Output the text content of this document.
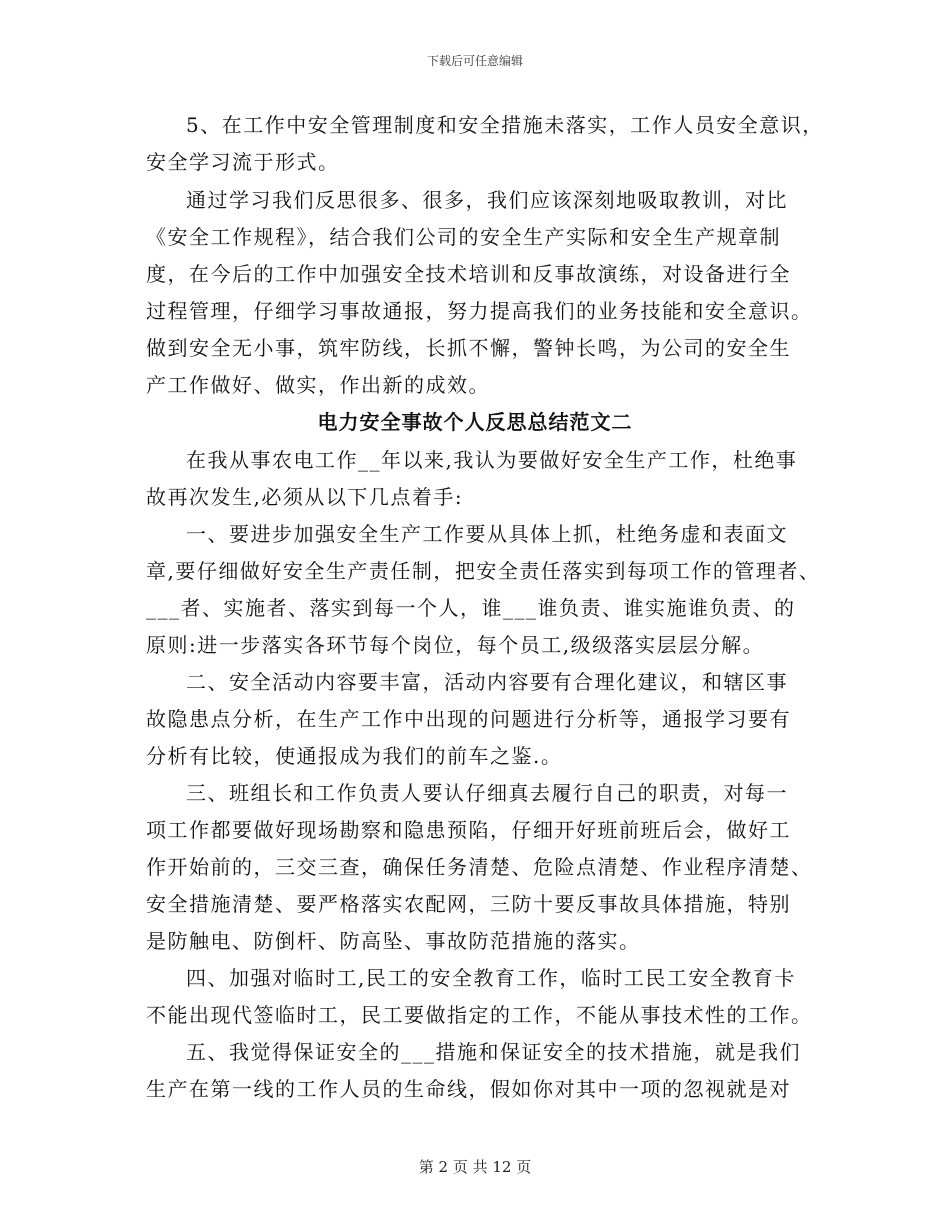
下载后可任意编辑
5、在工作中安全管理制度和安全措施未落实，工作人员安全意识，
安全学习流于形式。
通过学习我们反思很多、很多，我们应该深刻地吸取教训，对比
《安全工作规程》，结合我们公司的安全生产实际和安全生产规章制
度，在今后的工作中加强安全技术培训和反事故演练，对设备进行全
过程管理，仔细学习事故通报，努力提高我们的业务技能和安全意识。
做到安全无小事，筑牢防线，长抓不懈，警钟长鸣，为公司的安全生
产工作做好、做实，作出新的成效。
电力安全事故个人反思总结范文二
在我从事农电工作__年以来,我认为要做好安全生产工作，杜绝事
故再次发生,必须从以下几点着手:
一、要进步加强安全生产工作要从具体上抓，杜绝务虚和表面文
章,要仔细做好安全生产责任制，把安全责任落实到每项工作的管理者、
___者、实施者、落实到每一个人，谁___谁负责、谁实施谁负责、的
原则:进一步落实各环节每个岗位，每个员工,级级落实层层分解。
二、安全活动内容要丰富，活动内容要有合理化建议，和辖区事
故隐患点分析，在生产工作中出现的问题进行分析等，通报学习要有
分析有比较，使通报成为我们的前车之鉴.。
三、班组长和工作负责人要认仔细真去履行自己的职责，对每一
项工作都要做好现场勘察和隐患预陷，仔细开好班前班后会，做好工
作开始前的，三交三查，确保任务清楚、危险点清楚、作业程序清楚、
安全措施清楚、要严格落实农配网，三防十要反事故具体措施，特别
是防触电、防倒杆、防高坠、事故防范措施的落实。
四、加强对临时工,民工的安全教育工作，临时工民工安全教育卡
不能出现代签临时工，民工要做指定的工作，不能从事技术性的工作。
五、我觉得保证安全的___措施和保证安全的技术措施，就是我们
生产在第一线的工作人员的生命线，假如你对其中一项的忽视就是对
第 2 页 共 12 页
